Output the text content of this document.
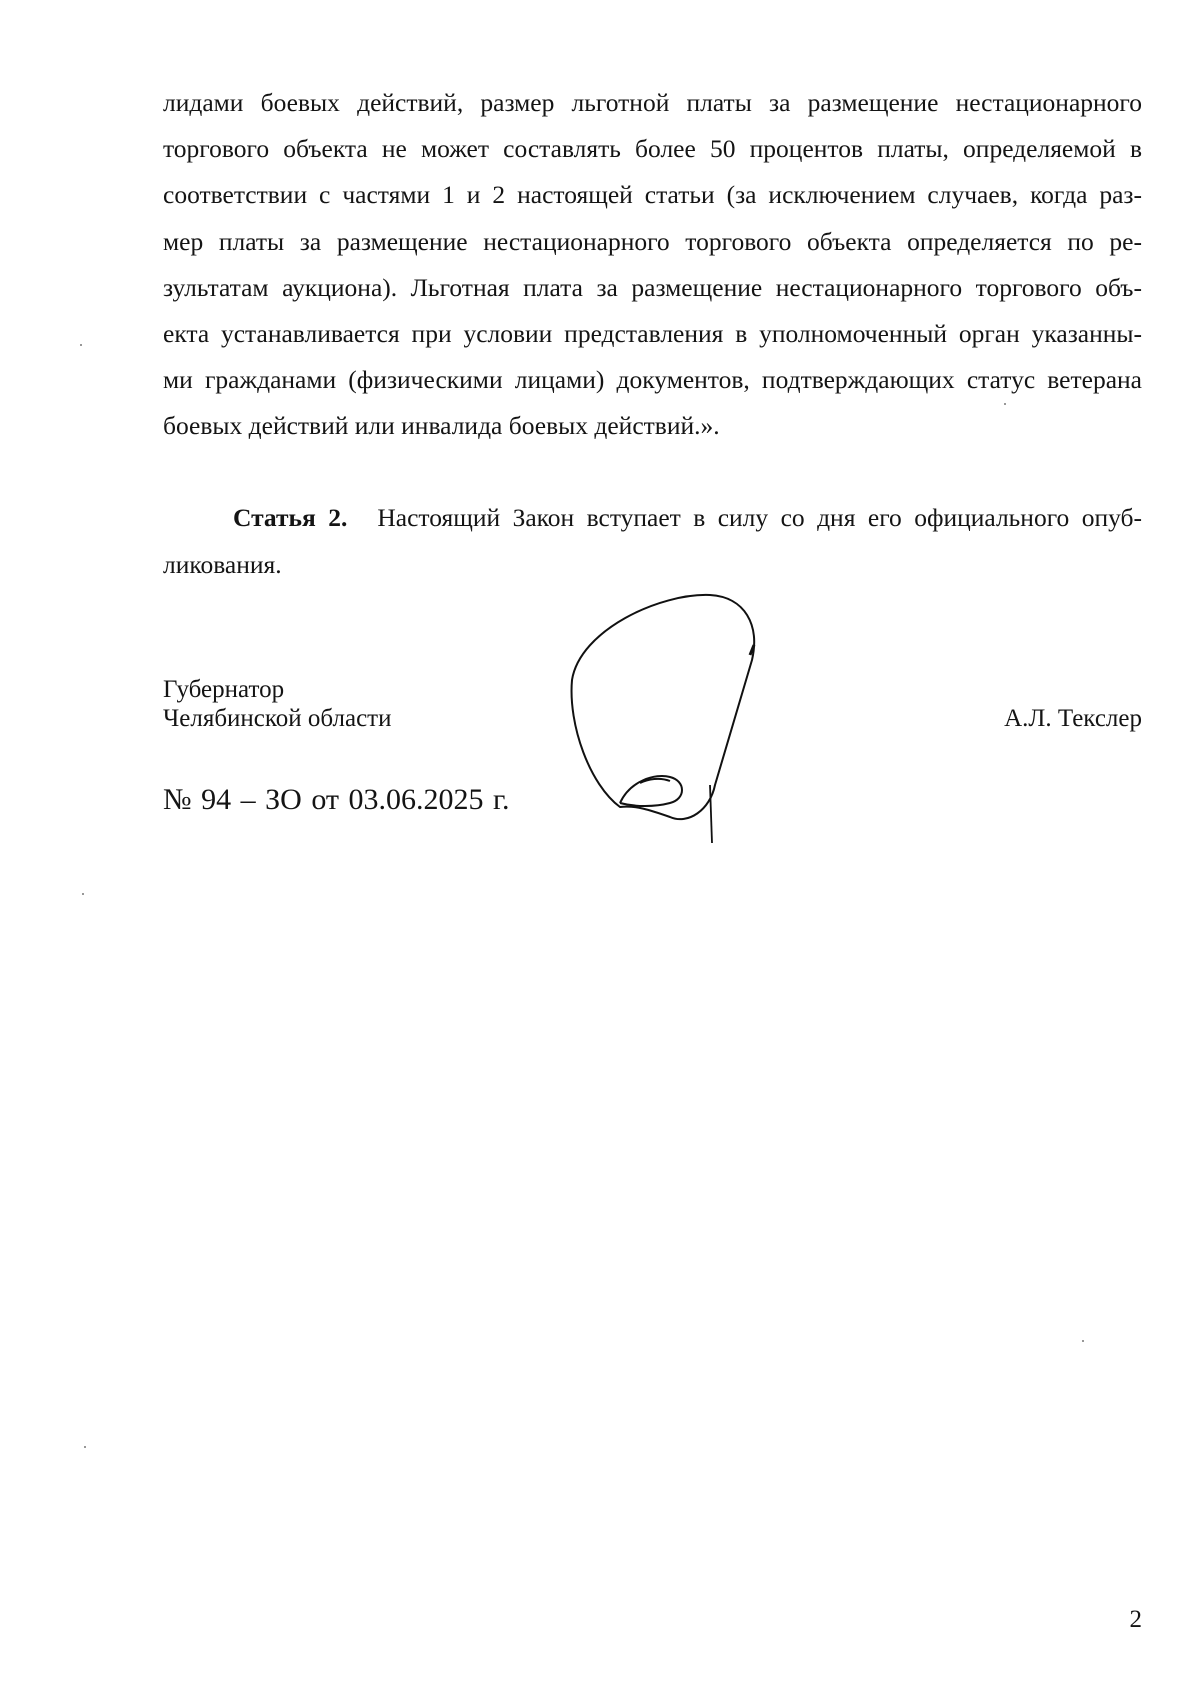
лидами боевых действий, размер льготной платы за размещение нестационарного
торгового объекта не может составлять более 50 процентов платы, определяемой в
соответствии с частями 1 и 2 настоящей статьи (за исключением случаев, когда раз-
мер платы за размещение нестационарного торгового объекта определяется по ре-
зультатам аукциона). Льготная плата за размещение нестационарного торгового объ-
екта устанавливается при условии представления в уполномоченный орган указанны-
ми гражданами (физическими лицами) документов, подтверждающих статус ветерана
боевых действий или инвалида боевых действий.».
Статья 2. Настоящий Закон вступает в силу со дня его официального опуб-
ликования.
Губернатор
Челябинской области	А.Л. Текслер
№ 94 – ЗО от 03.06.2025 г.
2
